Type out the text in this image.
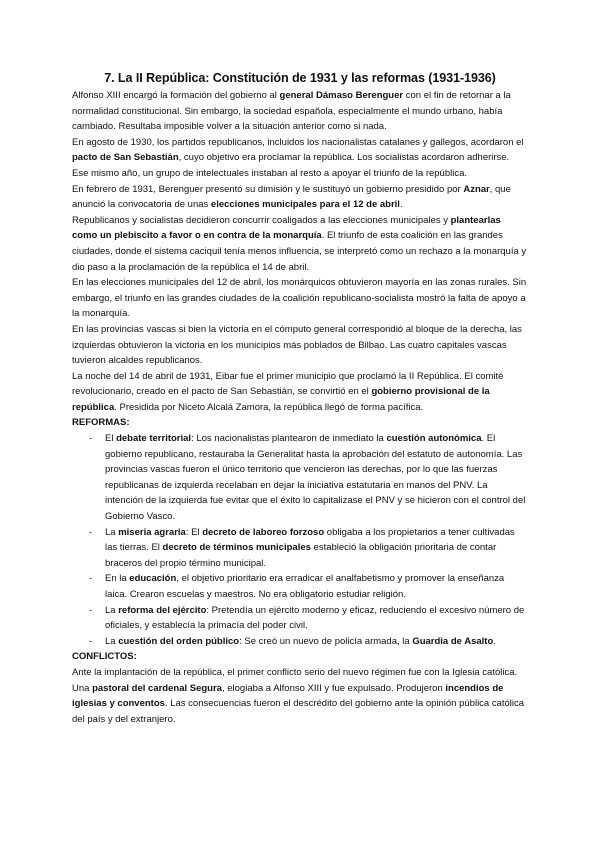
7. La II República: Constitución de 1931 y las reformas (1931-1936)

Alfonso XIII encargó la formación del gobierno al general Dámaso Berenguer con el fin de retornar a la normalidad constitucional. Sin embargo, la sociedad española, especialmente el mundo urbano, había cambiado. Resultaba imposible volver a la situación anterior como si nada.

En agosto de 1930, los partidos republicanos, incluidos los nacionalistas catalanes y gallegos, acordaron el pacto de San Sebastián, cuyo objetivo era proclamar la república. Los socialistas acordaron adherirse.

Ese mismo año, un grupo de intelectuales instaban al resto a apoyar el triunfo de la república.

En febrero de 1931, Berenguer presentó su dimisión y le sustituyó un gobierno presidido por Aznar, que anunció la convocatoria de unas elecciones municipales para el 12 de abril.

Republicanos y socialistas decidieron concurrir coaligados a las elecciones municipales y plantearlas como un plebiscito a favor o en contra de la monarquía. El triunfo de esta coalición en las grandes ciudades, donde el sistema caciquil tenía menos influencia, se interpretó como un rechazo a la monarquía y dio paso a la proclamación de la república el 14 de abril.

En las elecciones municipales del 12 de abril, los monárquicos obtuvieron mayoría en las zonas rurales. Sin embargo, el triunfo en las grandes ciudades de la coalición republicano-socialista mostró la falta de apoyo a la monarquía.

En las provincias vascas si bien la victoria en el cómputo general correspondió al bloque de la derecha, las izquierdas obtuvieron la victoria en los municipios más poblados de Bilbao. Las cuatro capitales vascas tuvieron alcaldes republicanos.

La noche del 14 de abril de 1931, Eibar fue el primer municipio que proclamó la II República. El comité revolucionario, creado en el pacto de San Sebastián, se convirtió en el gobierno provisional de la república. Presidida por Niceto Alcalá Zamora, la república llegó de forma pacífica.

REFORMAS:
- El debate territorial: Los nacionalistas plantearon de inmediato la cuestión autonómica. El gobierno republicano, restauraba la Generalitat hasta la aprobación del estatuto de autonomía. Las provincias vascas fueron el único territorio que vencieron las derechas, por lo que las fuerzas republicanas de izquierda recelaban en dejar la iniciativa estatutaria en manos del PNV. La intención de la izquierda fue evitar que el éxito lo capitalizase el PNV y se hicieron con el control del Gobierno Vasco.
- La miseria agraria: El decreto de laboreo forzoso obligaba a los propietarios a tener cultivadas las tierras. El decreto de términos municipales estableció la obligación prioritaria de contar braceros del propio término municipal.
- En la educación, el objetivo prioritario era erradicar el analfabetismo y promover la enseñanza laica. Crearon escuelas y maestros. No era obligatorio estudiar religión.
- La reforma del ejército: Pretendía un ejército moderno y eficaz, reduciendo el excesivo número de oficiales, y establecía la primacía del poder civil.
- La cuestión del orden público: Se creó un nuevo de policía armada, la Guardia de Asalto.
CONFLICTOS:

Ante la implantación de la república, el primer conflicto serio del nuevo régimen fue con la Iglesia católica. Una pastoral del cardenal Segura, elogiaba a Alfonso XIII y fue expulsado. Produjeron incendios de iglesias y conventos. Las consecuencias fueron el descrédito del gobierno ante la opinión pública católica del país y del extranjero.
